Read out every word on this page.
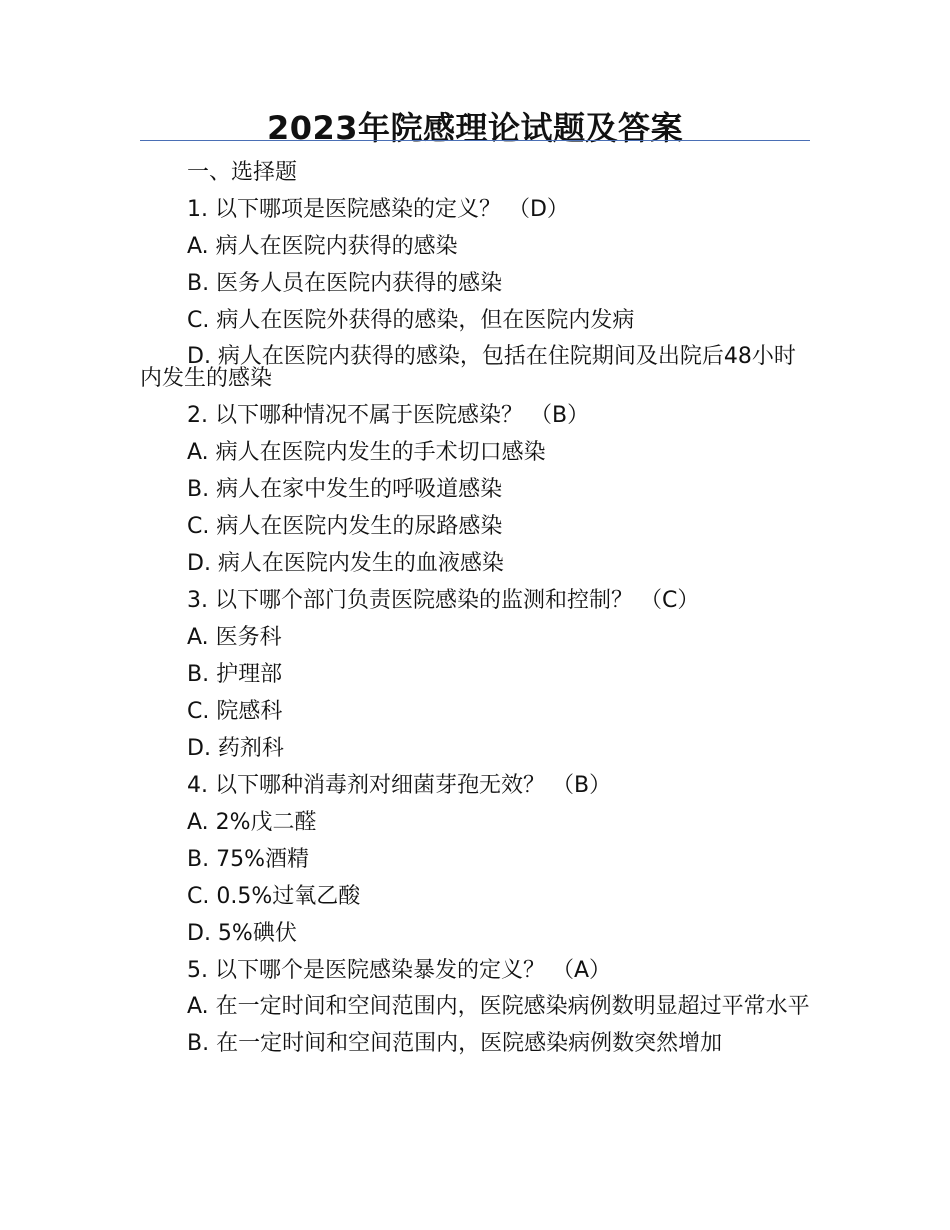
2023年院感理论试题及答案
一、选择题
1. 以下哪项是医院感染的定义？ （D）
A. 病人在医院内获得的感染
B. 医务人员在医院内获得的感染
C. 病人在医院外获得的感染，但在医院内发病
D. 病人在医院内获得的感染，包括在住院期间及出院后48小时内发生的感染
2. 以下哪种情况不属于医院感染？ （B）
A. 病人在医院内发生的手术切口感染
B. 病人在家中发生的呼吸道感染
C. 病人在医院内发生的尿路感染
D. 病人在医院内发生的血液感染
3. 以下哪个部门负责医院感染的监测和控制？ （C）
A. 医务科
B. 护理部
C. 院感科
D. 药剂科
4. 以下哪种消毒剂对细菌芽孢无效？ （B）
A. 2%戊二醛
B. 75%酒精
C. 0.5%过氧乙酸
D. 5%碘伏
5. 以下哪个是医院感染暴发的定义？ （A）
A. 在一定时间和空间范围内，医院感染病例数明显超过平常水平
B. 在一定时间和空间范围内，医院感染病例数突然增加
